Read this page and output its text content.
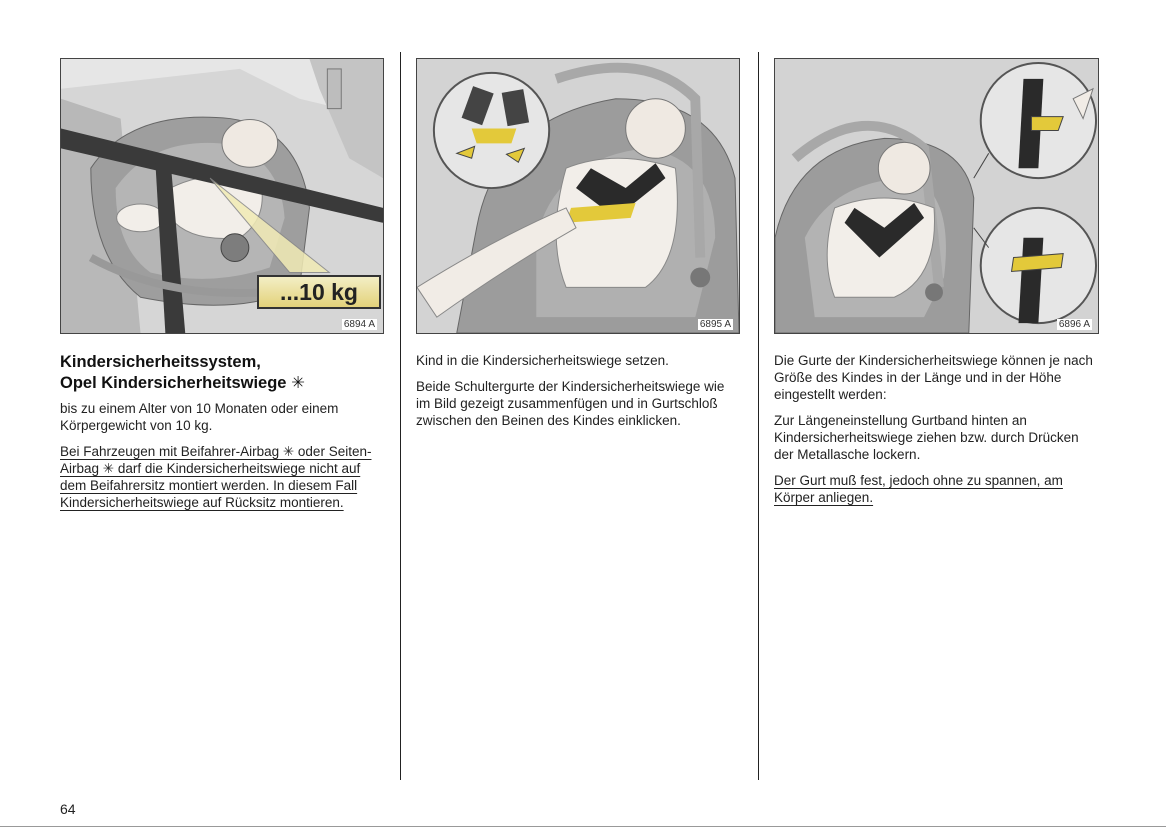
...10 kg
6894 A	6895 A	6896 A
Kindersicherheitssystem,
Opel Kindersicherheitswiege ✳

bis zu einem Alter von 10 Monaten oder einem Körpergewicht von 10 kg.

Bei Fahrzeugen mit Beifahrer-Airbag ✳ oder Seiten-Airbag ✳ darf die Kindersicherheitswiege nicht auf dem Beifahrersitz montiert werden. In diesem Fall Kindersicherheitswiege auf Rücksitz montieren.

Kind in die Kindersicherheitswiege setzen.

Beide Schultergurte der Kindersicherheitswiege wie im Bild gezeigt zusammenfügen und in Gurtschloß zwischen den Beinen des Kindes einklicken.

Die Gurte der Kindersicherheitswiege können je nach Größe des Kindes in der Länge und in der Höhe eingestellt werden:

Zur Längeneinstellung Gurtband hinten an Kindersicherheitswiege ziehen bzw. durch Drücken der Metallasche lockern.

Der Gurt muß fest, jedoch ohne zu spannen, am Körper anliegen.

64
